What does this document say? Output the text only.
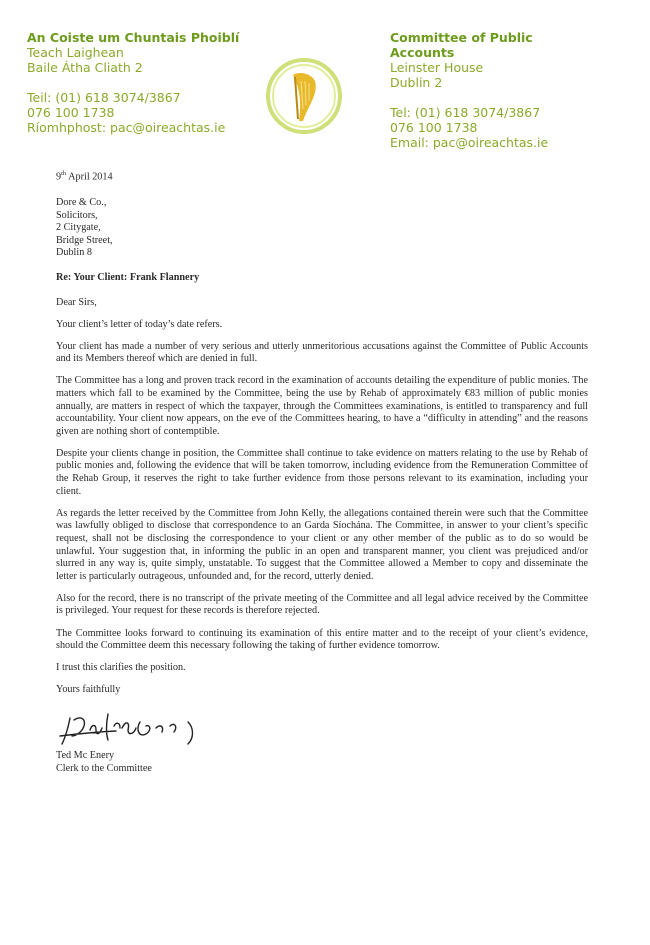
An Coiste um Chuntais Phoiblí
Teach Laighean
Baile Átha Cliath 2
Teil: (01) 618 3074/3867
076 100 1738
Ríomhphost: pac@oireachtas.ie
Committee of Public
Accounts
Leinster House
Dublin 2
Tel: (01) 618 3074/3867
076 100 1738
Email: pac@oireachtas.ie
9th April 2014
Dore & Co.,
Solicitors,
2 Citygate,
Bridge Street,
Dublin 8
Re: Your Client: Frank Flannery

Dear Sirs,

Your client’s letter of today’s date refers.

Your client has made a number of very serious and utterly unmeritorious accusations against the Committee of Public Accounts and its Members thereof which are denied in full.

The Committee has a long and proven track record in the examination of accounts detailing the expenditure of public monies. The matters which fall to be examined by the Committee, being the use by Rehab of approximately €83 million of public monies annually, are matters in respect of which the taxpayer, through the Committees examinations, is entitled to transparency and full accountability. Your client now appears, on the eve of the Committees hearing, to have a “difficulty in attending” and the reasons given are nothing short of contemptible.

Despite your clients change in position, the Committee shall continue to take evidence on matters relating to the use by Rehab of public monies and, following the evidence that will be taken tomorrow, including evidence from the Remuneration Committee of the Rehab Group, it reserves the right to take further evidence from those persons relevant to its examination, including your client.

As regards the letter received by the Committee from John Kelly, the allegations contained therein were such that the Committee was lawfully obliged to disclose that correspondence to an Garda Síochána. The Committee, in answer to your client’s specific request, shall not be disclosing the correspondence to your client or any other member of the public as to do so would be unlawful. Your suggestion that, in informing the public in an open and transparent manner, you client was prejudiced and/or slurred in any way is, quite simply, unstatable. To suggest that the Committee allowed a Member to copy and disseminate the letter is particularly outrageous, unfounded and, for the record, utterly denied.

Also for the record, there is no transcript of the private meeting of the Committee and all legal advice received by the Committee is privileged. Your request for these records is therefore rejected.

The Committee looks forward to continuing its examination of this entire matter and to the receipt of your client’s evidence, should the Committee deem this necessary following the taking of further evidence tomorrow.

I trust this clarifies the position.

Yours faithfully

Ted Mc Enery
Clerk to the Committee
